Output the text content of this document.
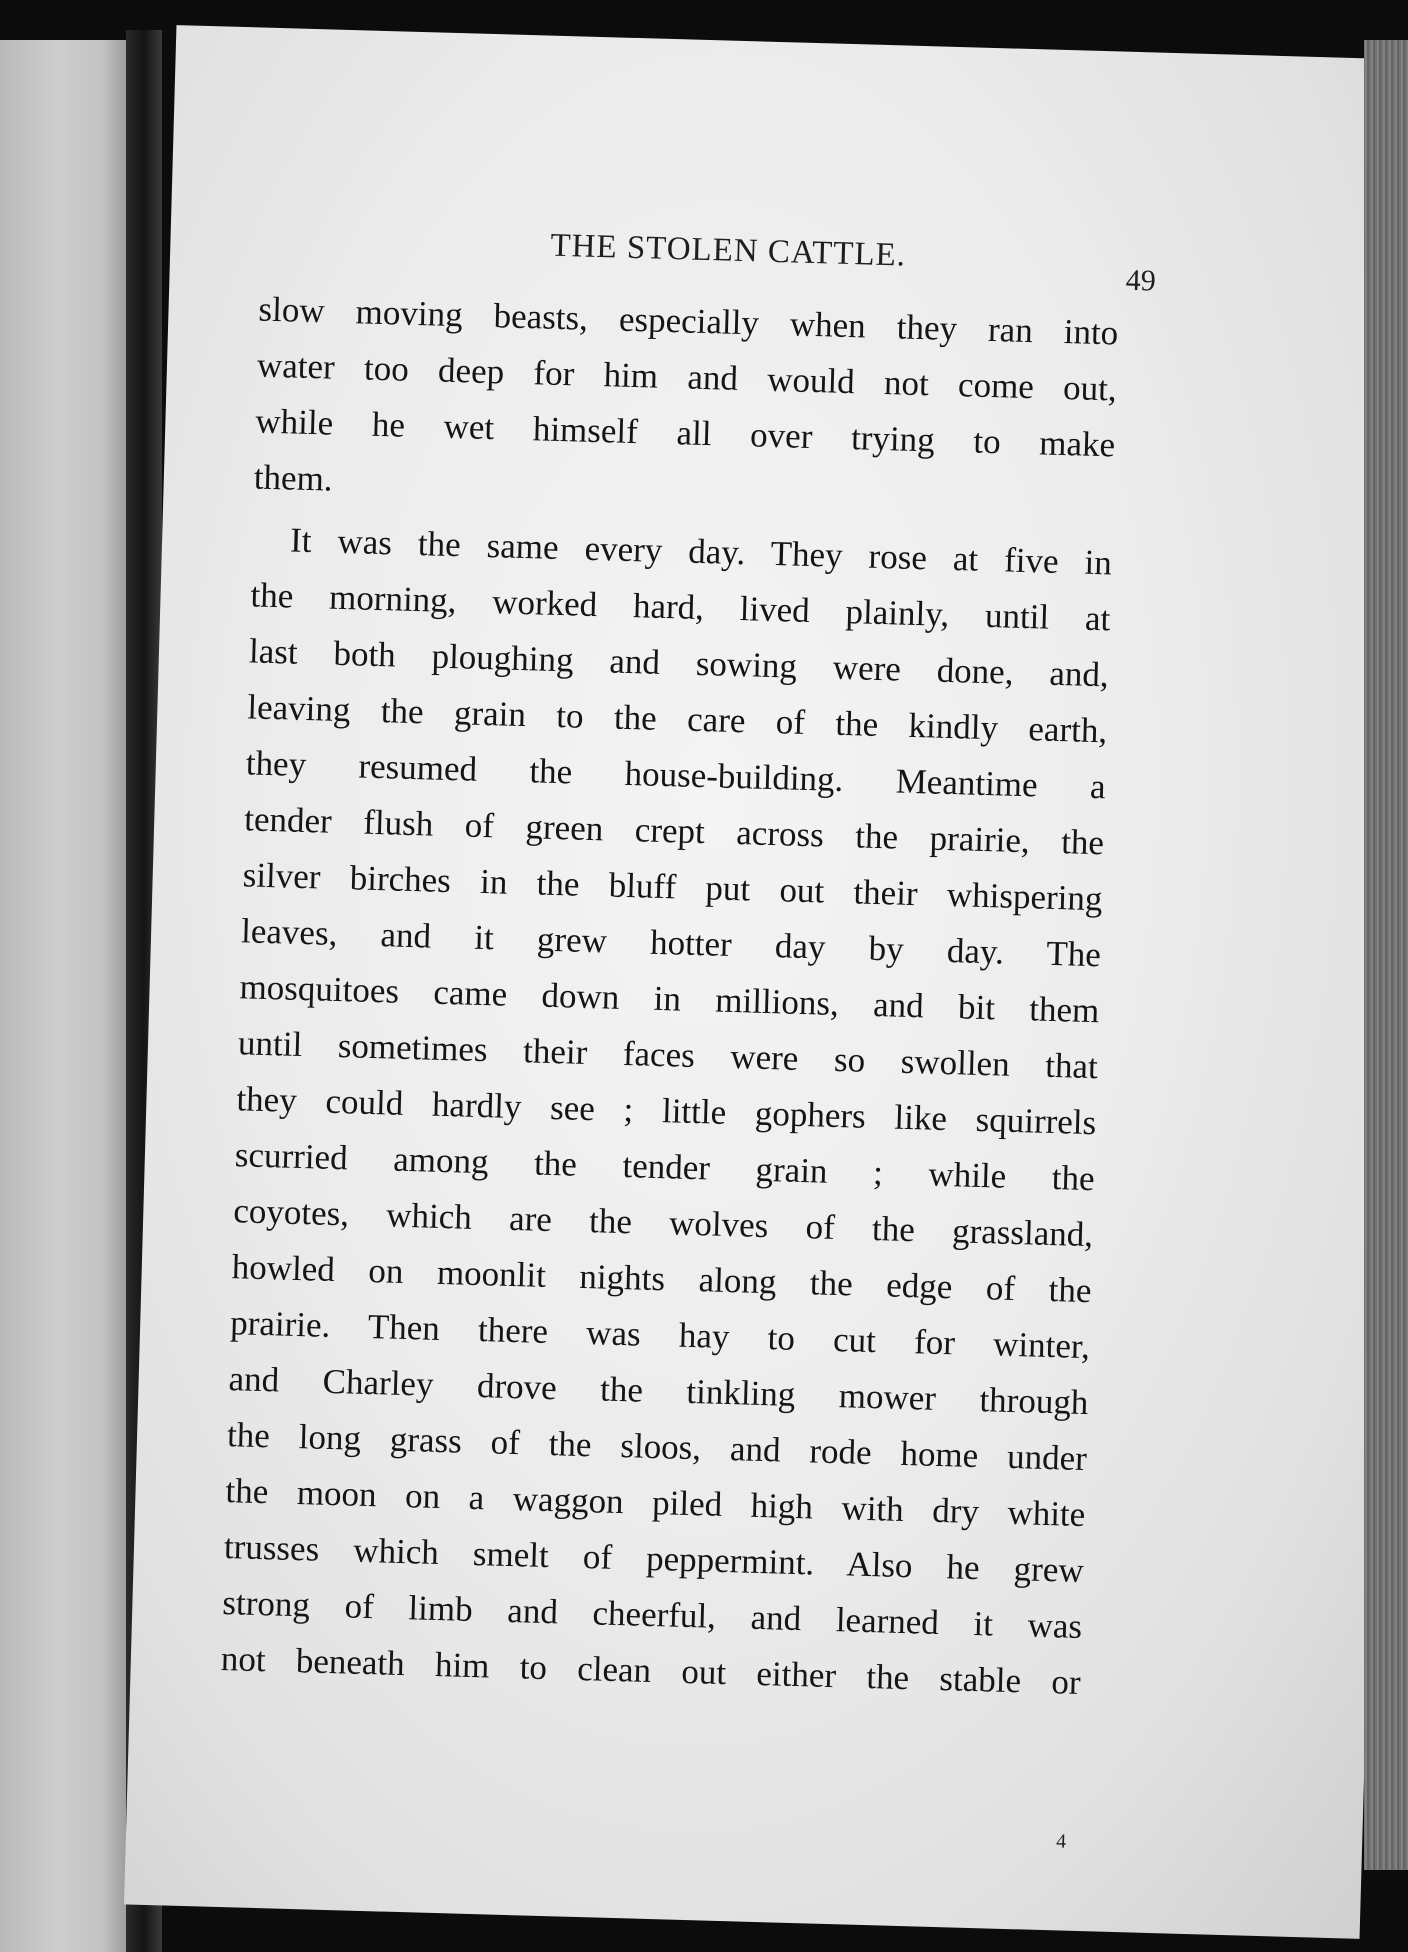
THE STOLEN CATTLE.
49
slow moving beasts, especially when they ran into
water too deep for him and would not come out,
while he wet himself all over trying to make
them.
It was the same every day. They rose at five in
the morning, worked hard, lived plainly, until at
last both ploughing and sowing were done, and,
leaving the grain to the care of the kindly earth,
they resumed the house-building. Meantime a
tender flush of green crept across the prairie, the
silver birches in the bluff put out their whispering
leaves, and it grew hotter day by day. The
mosquitoes came down in millions, and bit them
until sometimes their faces were so swollen that
they could hardly see ; little gophers like squirrels
scurried among the tender grain ; while the
coyotes, which are the wolves of the grassland,
howled on moonlit nights along the edge of the
prairie. Then there was hay to cut for winter,
and Charley drove the tinkling mower through
the long grass of the sloos, and rode home under
the moon on a waggon piled high with dry white
trusses which smelt of peppermint. Also he grew
strong of limb and cheerful, and learned it was
not beneath him to clean out either the stable or
4
